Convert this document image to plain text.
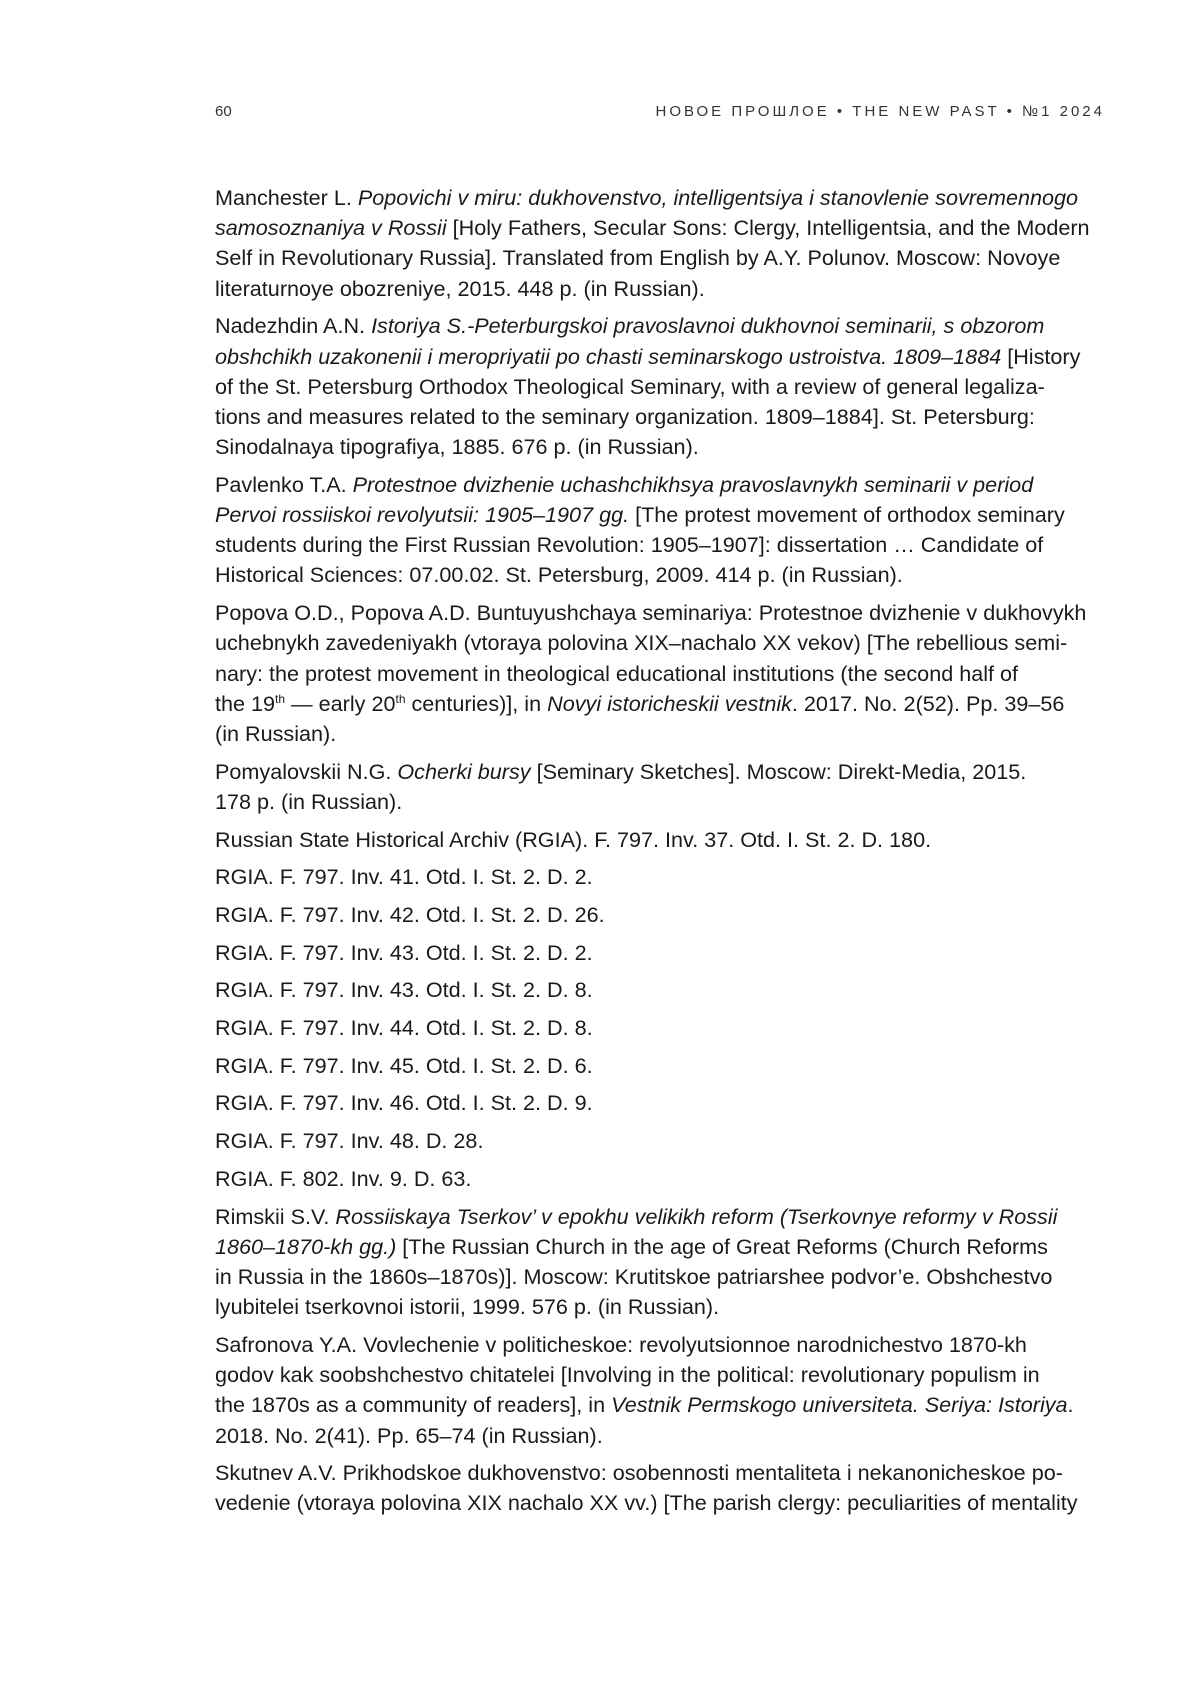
60	НОВОЕ ПРОШЛОЕ • THE NEW PAST • №1 2024
Manchester L. Popovichi v miru: dukhovenstvo, intelligentsiya i stanovlenie sovremennogo
samosoznaniya v Rossii [Holy Fathers, Secular Sons: Clergy, Intelligentsia, and the Modern
Self in Revolutionary Russia]. Translated from English by A.Y. Polunov. Moscow: Novoye
literaturnoye obozreniye, 2015. 448 p. (in Russian).
Nadezhdin A.N. Istoriya S.-Peterburgskoi pravoslavnoi dukhovnoi seminarii, s obzorom
obshchikh uzakonenii i meropriyatii po chasti seminarskogo ustroistva. 1809–1884 [History
of the St. Petersburg Orthodox Theological Seminary, with a review of general legaliza-
tions and measures related to the seminary organization. 1809–1884]. St. Petersburg:
Sinodalnaya tipografiya, 1885. 676 p. (in Russian).
Pavlenko T.A. Protestnoe dvizhenie uchashchikhsya pravoslavnykh seminarii v period
Pervoi rossiiskoi revolyutsii: 1905–1907 gg. [The protest movement of orthodox seminary
students during the First Russian Revolution: 1905–1907]: dissertation … Candidate of
Historical Sciences: 07.00.02. St. Petersburg, 2009. 414 p. (in Russian).
Popova O.D., Popova A.D. Buntuyushchaya seminariya: Protestnoe dvizhenie v dukhovykh
uchebnykh zavedeniyakh (vtoraya polovina XIX–nachalo XX vekov) [The rebellious semi-
nary: the protest movement in theological educational institutions (the second half of
the 19th — early 20th centuries)], in Novyi istoricheskii vestnik. 2017. No. 2(52). Pp. 39–56
(in Russian).
Pomyalovskii N.G. Ocherki bursy [Seminary Sketches]. Moscow: Direkt-Media, 2015.
178 p. (in Russian).
Russian State Historical Archiv (RGIA). F. 797. Inv. 37. Otd. I. St. 2. D. 180.
RGIA. F. 797. Inv. 41. Otd. I. St. 2. D. 2.
RGIA. F. 797. Inv. 42. Otd. I. St. 2. D. 26.
RGIA. F. 797. Inv. 43. Otd. I. St. 2. D. 2.
RGIA. F. 797. Inv. 43. Otd. I. St. 2. D. 8.
RGIA. F. 797. Inv. 44. Otd. I. St. 2. D. 8.
RGIA. F. 797. Inv. 45. Otd. I. St. 2. D. 6.
RGIA. F. 797. Inv. 46. Otd. I. St. 2. D. 9.
RGIA. F. 797. Inv. 48. D. 28.
RGIA. F. 802. Inv. 9. D. 63.
Rimskii S.V. Rossiiskaya Tserkov’ v epokhu velikikh reform (Tserkovnye reformy v Rossii
1860–1870-kh gg.) [The Russian Church in the age of Great Reforms (Church Reforms
in Russia in the 1860s–1870s)]. Moscow: Krutitskoe patriarshee podvor’e. Obshchestvo
lyubitelei tserkovnoi istorii, 1999. 576 p. (in Russian).
Safronova Y.A. Vovlechenie v politicheskoe: revolyutsionnoe narodnichestvo 1870-kh
godov kak soobshchestvo chitatelei [Involving in the political: revolutionary populism in
the 1870s as a community of readers], in Vestnik Permskogo universiteta. Seriya: Istoriya.
2018. No. 2(41). Pp. 65–74 (in Russian).
Skutnev A.V. Prikhodskoe dukhovenstvo: osobennosti mentaliteta i nekanonicheskoe po-
vedenie (vtoraya polovina XIX nachalo XX vv.) [The parish clergy: peculiarities of mentality
